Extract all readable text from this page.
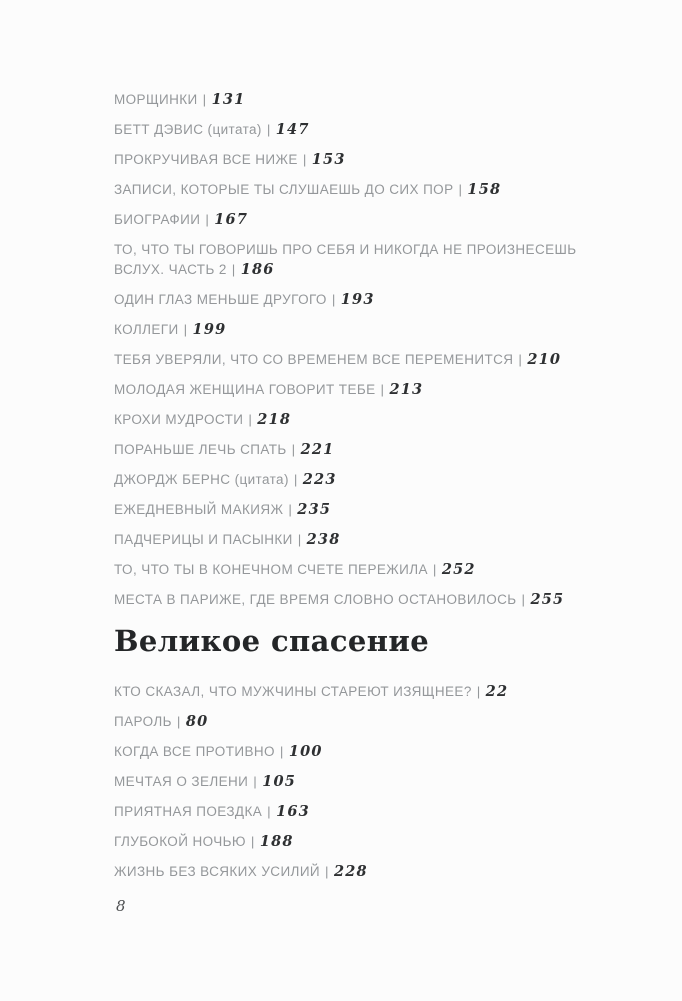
МОРЩИНКИ | 131
БЕТТ ДЭВИС (цитата) | 147
ПРОКРУЧИВАЯ ВСЕ НИЖЕ | 153
ЗАПИСИ, КОТОРЫЕ ТЫ СЛУШАЕШЬ ДО СИХ ПОР | 158
БИОГРАФИИ | 167
ТО, ЧТО ТЫ ГОВОРИШЬ ПРО СЕБЯ И НИКОГДА НЕ ПРОИЗНЕСЕШЬ ВСЛУХ. ЧАСТЬ 2 | 186
ОДИН ГЛАЗ МЕНЬШЕ ДРУГОГО | 193
КОЛЛЕГИ | 199
ТЕБЯ УВЕРЯЛИ, ЧТО СО ВРЕМЕНЕМ ВСЕ ПЕРЕМЕНИТСЯ | 210
МОЛОДАЯ ЖЕНЩИНА ГОВОРИТ ТЕБЕ | 213
КРОХИ МУДРОСТИ | 218
ПОРАНЬШЕ ЛЕЧЬ СПАТЬ | 221
ДЖОРДЖ БЕРНС (цитата) | 223
ЕЖЕДНЕВНЫЙ МАКИЯЖ | 235
ПАДЧЕРИЦЫ И ПАСЫНКИ | 238
ТО, ЧТО ТЫ В КОНЕЧНОМ СЧЕТЕ ПЕРЕЖИЛА | 252
МЕСТА В ПАРИЖЕ, ГДЕ ВРЕМЯ СЛОВНО ОСТАНОВИЛОСЬ | 255
Великое спасение
КТО СКАЗАЛ, ЧТО МУЖЧИНЫ СТАРЕЮТ ИЗЯЩНЕЕ? | 22
ПАРОЛЬ | 80
КОГДА ВСЕ ПРОТИВНО | 100
МЕЧТАЯ О ЗЕЛЕНИ | 105
ПРИЯТНАЯ ПОЕЗДКА | 163
ГЛУБОКОЙ НОЧЬЮ | 188
ЖИЗНЬ БЕЗ ВСЯКИХ УСИЛИЙ | 228
8
